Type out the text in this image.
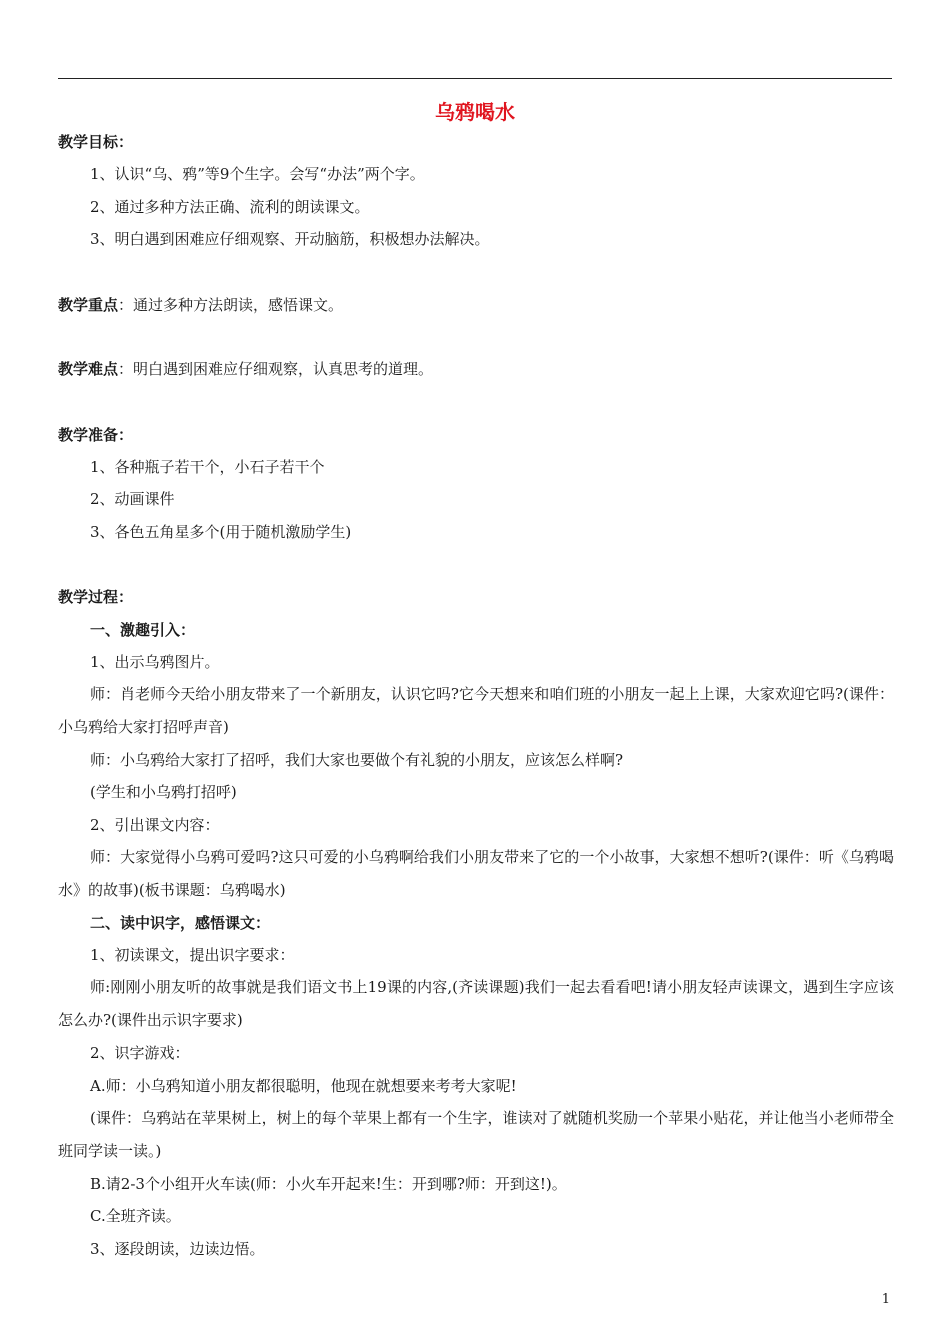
乌鸦喝水
教学目标：
1、认识“乌、鸦”等9个生字。会写“办法”两个字。
2、通过多种方法正确、流利的朗读课文。
3、明白遇到困难应仔细观察、开动脑筋，积极想办法解决。
教学重点：通过多种方法朗读，感悟课文。
教学难点：明白遇到困难应仔细观察，认真思考的道理。
教学准备：
1、各种瓶子若干个，小石子若干个
2、动画课件
3、各色五角星多个(用于随机激励学生)
教学过程：
一、激趣引入：
1、出示乌鸦图片。
师：肖老师今天给小朋友带来了一个新朋友，认识它吗?它今天想来和咱们班的小朋友一起上上课，大家欢迎它吗?(课件：小乌鸦给大家打招呼声音)
师：小乌鸦给大家打了招呼，我们大家也要做个有礼貌的小朋友，应该怎么样啊?
(学生和小乌鸦打招呼)
2、引出课文内容：
师：大家觉得小乌鸦可爱吗?这只可爱的小乌鸦啊给我们小朋友带来了它的一个小故事，大家想不想听?(课件：听《乌鸦喝水》的故事)(板书课题：乌鸦喝水)
二、读中识字，感悟课文：
1、初读课文，提出识字要求：
师:刚刚小朋友听的故事就是我们语文书上19课的内容,(齐读课题)我们一起去看看吧!请小朋友轻声读课文，遇到生字应该怎么办?(课件出示识字要求)
2、识字游戏：
A.师：小乌鸦知道小朋友都很聪明，他现在就想要来考考大家呢!
(课件：乌鸦站在苹果树上，树上的每个苹果上都有一个生字，谁读对了就随机奖励一个苹果小贴花，并让他当小老师带全班同学读一读。)
B.请2-3个小组开火车读(师：小火车开起来!生：开到哪?师：开到这!)。
C.全班齐读。
3、逐段朗读，边读边悟。
1
